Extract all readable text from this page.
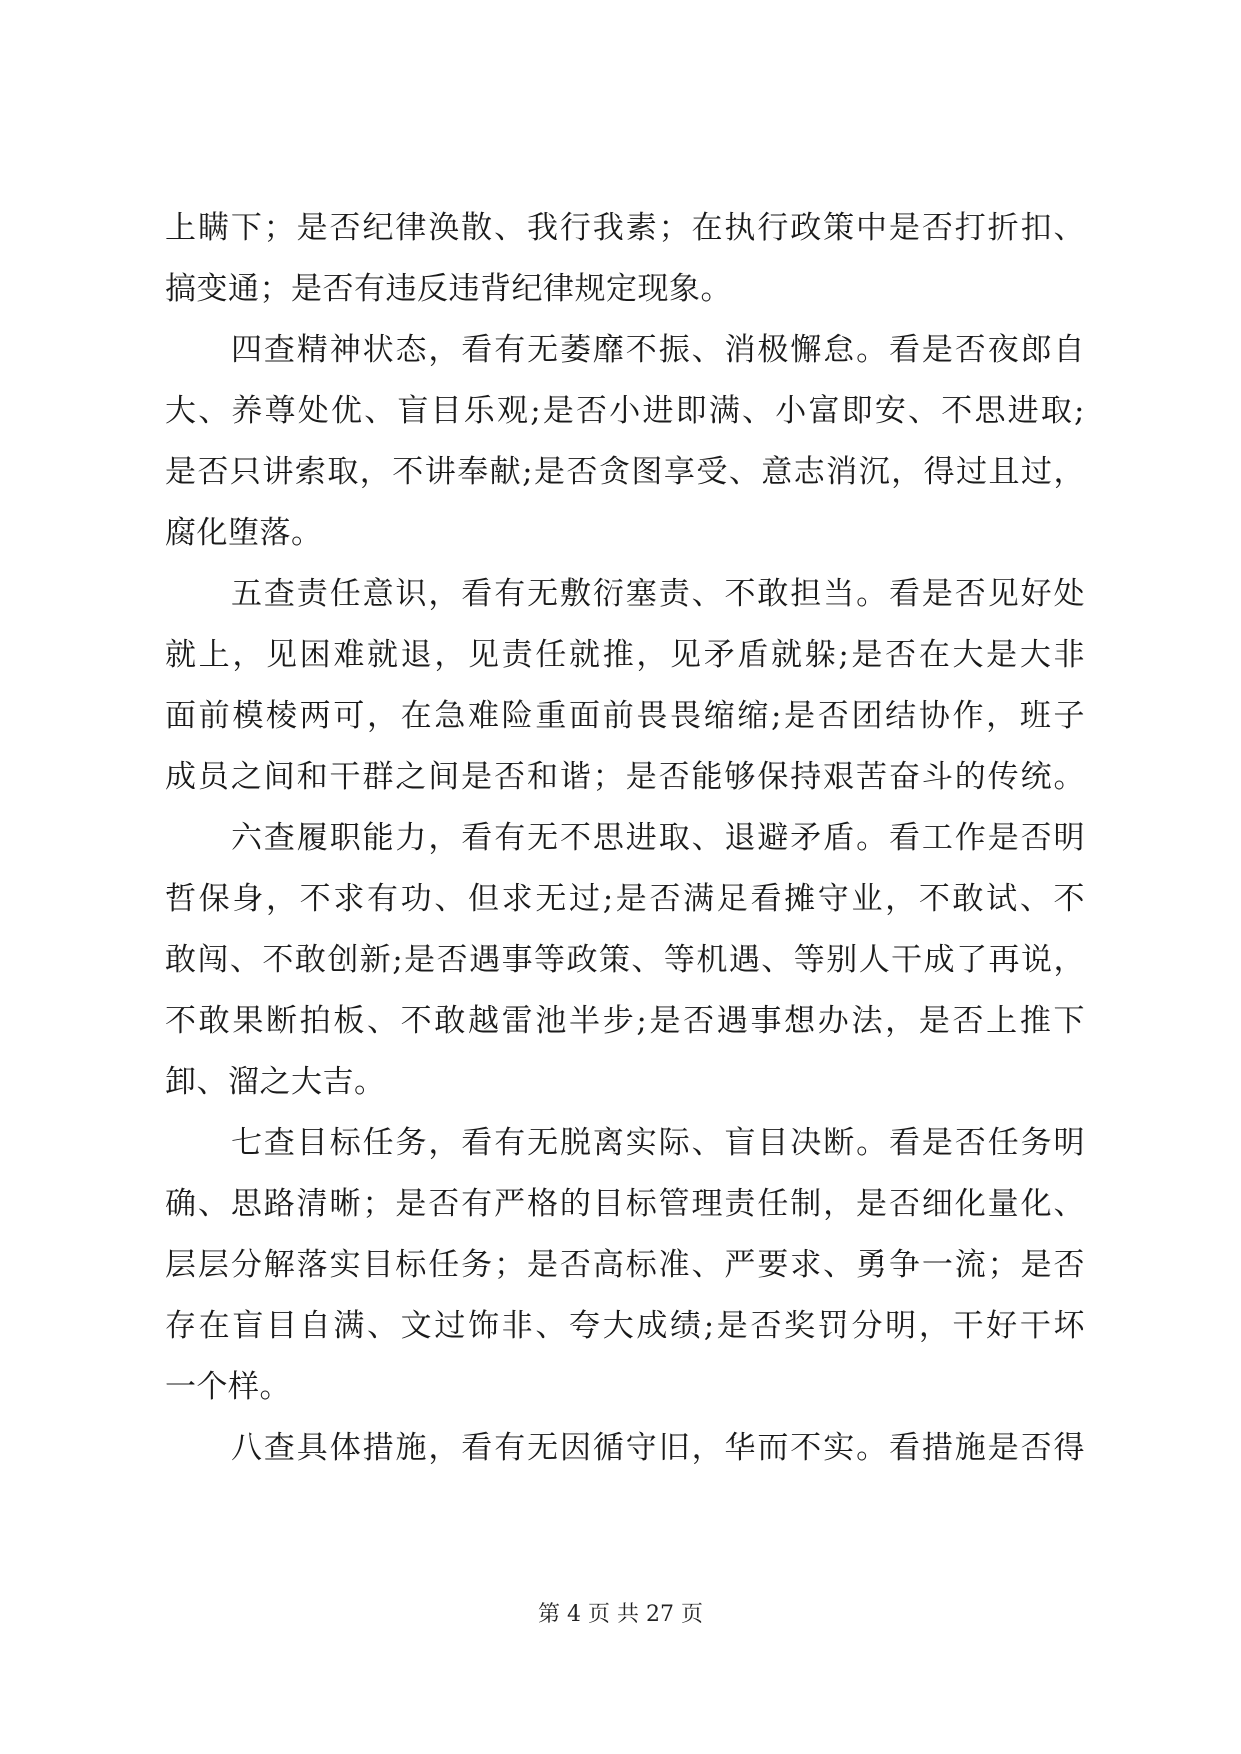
上瞒下；是否纪律涣散、我行我素；在执行政策中是否打折扣、
搞变通；是否有违反违背纪律规定现象。
四查精神状态，看有无萎靡不振、消极懈怠。看是否夜郎自
大、养尊处优、盲目乐观;是否小进即满、小富即安、不思进取;
是否只讲索取，不讲奉献;是否贪图享受、意志消沉，得过且过，
腐化堕落。
五查责任意识，看有无敷衍塞责、不敢担当。看是否见好处
就上，见困难就退，见责任就推，见矛盾就躲;是否在大是大非
面前模棱两可，在急难险重面前畏畏缩缩;是否团结协作，班子
成员之间和干群之间是否和谐；是否能够保持艰苦奋斗的传统。
六查履职能力，看有无不思进取、退避矛盾。看工作是否明
哲保身，不求有功、但求无过;是否满足看摊守业，不敢试、不
敢闯、不敢创新;是否遇事等政策、等机遇、等别人干成了再说，
不敢果断拍板、不敢越雷池半步;是否遇事想办法，是否上推下
卸、溜之大吉。
七查目标任务，看有无脱离实际、盲目决断。看是否任务明
确、思路清晰；是否有严格的目标管理责任制，是否细化量化、
层层分解落实目标任务；是否高标准、严要求、勇争一流；是否
存在盲目自满、文过饰非、夸大成绩;是否奖罚分明，干好干坏
一个样。
八查具体措施，看有无因循守旧，华而不实。看措施是否得
第 4 页 共 27 页
